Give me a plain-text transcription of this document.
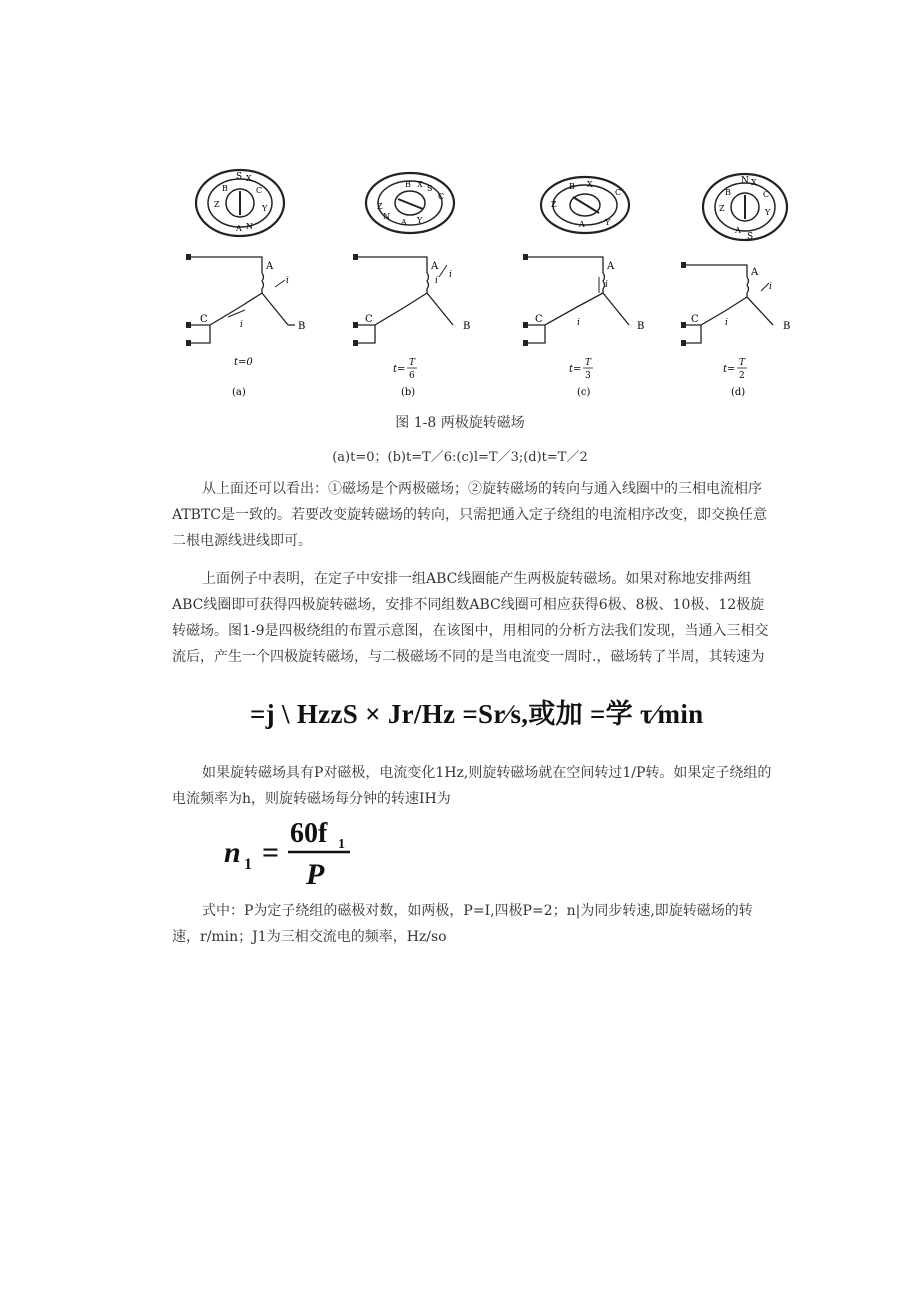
S X
B	C
Z	Y
A N
A
B
C	i
i
t=0
(a)
B X S
C
Z
N
A Y
A
B
C
i
i
t=
T
6
(b)
B X
C
Z
A	Y
A
B
C
i
i
t=
T
3
(c)
N X
B	C
Z	Y
A
S
A
B
C
i
i
t=
T
2
(d)
图 1-8 两极旋转磁场
(a)t=0；(b)t=T／6:(c)l=T／3;(d)t=T／2

从上面还可以看出：①磁场是个两极磁场；②旋转磁场的转向与通入线圈中的三相电流相序ATBTC是一致的。若要改变旋转磁场的转向，只需把通入定子绕组的电流相序改变，即交换任意二根电源线进线即可。

上面例子中表明，在定子中安排一组ABC线圈能产生两极旋转磁场。如果对称地安排两组ABC线圈即可获得四极旋转磁场，安排不同组数ABC线圈可相应获得6极、8极、10极、12极旋转磁场。图1-9是四极绕组的布置示意图，在该图中，用相同的分析方法我们发现，当通入三相交流后，产生一个四极旋转磁场，与二极磁场不同的是当电流变一周时.，磁场转了半周，其转速为

=j \ HzzS × Jr/Hz =Sr∕s,或加 =学 τ∕min

如果旋转磁场具有P对磁极，电流变化1Hz,则旋转磁场就在空间转过1/P转。如果定子绕组的电流频率为h，则旋转磁场每分钟的转速IH为

n 1 =
60f 1
P

式中：P为定子绕组的磁极对数，如两极，P=I,四极P=2；n|为同步转速,即旋转磁场的转速，r/min；J1为三相交流电的频率，Hz/so
